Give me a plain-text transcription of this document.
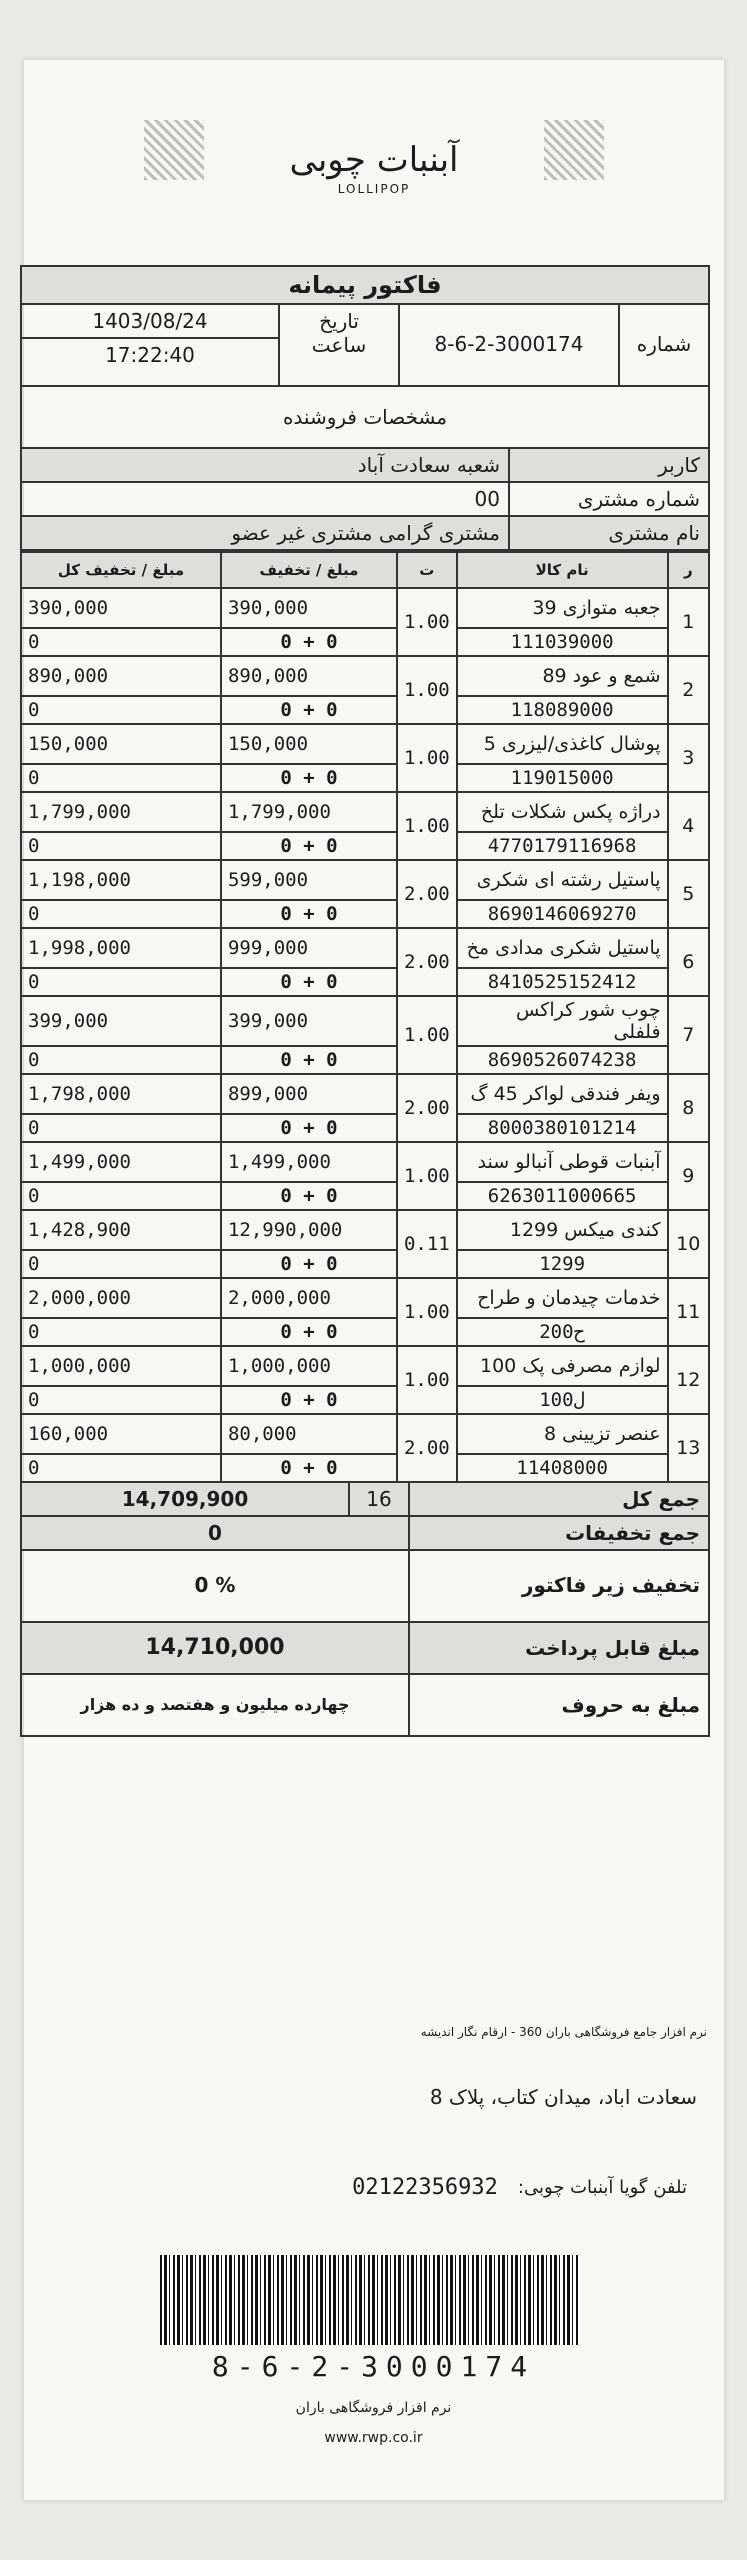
آبنبات چوبی
LOLLIPOP
فاکتور پیمانه
شماره
8-6-2-3000174
تاریخ
ساعت
1403/08/24
17:22:40
مشخصات فروشنده
کاربر
شعبه سعادت آباد
شماره مشتری
00
نام مشتری
مشتری گرامی مشتری غیر عضو
ر	نام کالا	ت	مبلغ / تخفیف	مبلغ / تخفیف کل
1	جعبه متوازی 39	1.00	390,000	390,000
	111039000		0 + 0	0
2	شمع و عود 89	1.00	890,000	890,000
	118089000		0 + 0	0
3	پوشال کاغذی/لیزری 5	1.00	150,000	150,000
	119015000		0 + 0	0
4	دراژه پکس شکلات تلخ	1.00	1,799,000	1,799,000
	4770179116968		0 + 0	0
5	پاستیل رشته ای شکری	2.00	599,000	1,198,000
	8690146069270		0 + 0	0
6	پاستیل شکری مدادی مخ	2.00	999,000	1,998,000
	8410525152412		0 + 0	0
7	چوب شور کراکس فلفلی	1.00	399,000	399,000
	8690526074238		0 + 0	0
8	ویفر فندقی لواکر 45 گ	2.00	899,000	1,798,000
	8000380101214		0 + 0	0
9	آبنبات قوطی آنبالو سند	1.00	1,499,000	1,499,000
	6263011000665		0 + 0	0
10	کندی میکس 1299	0.11	12,990,000	1,428,900
	1299		0 + 0	0
11	خدمات چیدمان و طراح	1.00	2,000,000	2,000,000
	ح200		0 + 0	0
12	لوازم مصرفی پک 100	1.00	1,000,000	1,000,000
	ل100		0 + 0	0
13	عنصر تزیینی 8	2.00	80,000	160,000
	11408000		0 + 0	0
جمع کل
16
14,709,900
جمع تخفیفات
0
تخفیف زیر فاکتور
0 %
مبلغ قابل پرداخت
14,710,000
مبلغ به حروف
چهارده میلیون و هفتصد و ده هزار
نرم افزار جامع فروشگاهی باران 360 - ارقام نگار اندیشه
سعادت اباد، میدان کتاب، پلاک 8
تلفن گویا آبنبات چوبی:
02122356932
8-6-2-3000174
نرم افزار فروشگاهی باران
www.rwp.co.ir
